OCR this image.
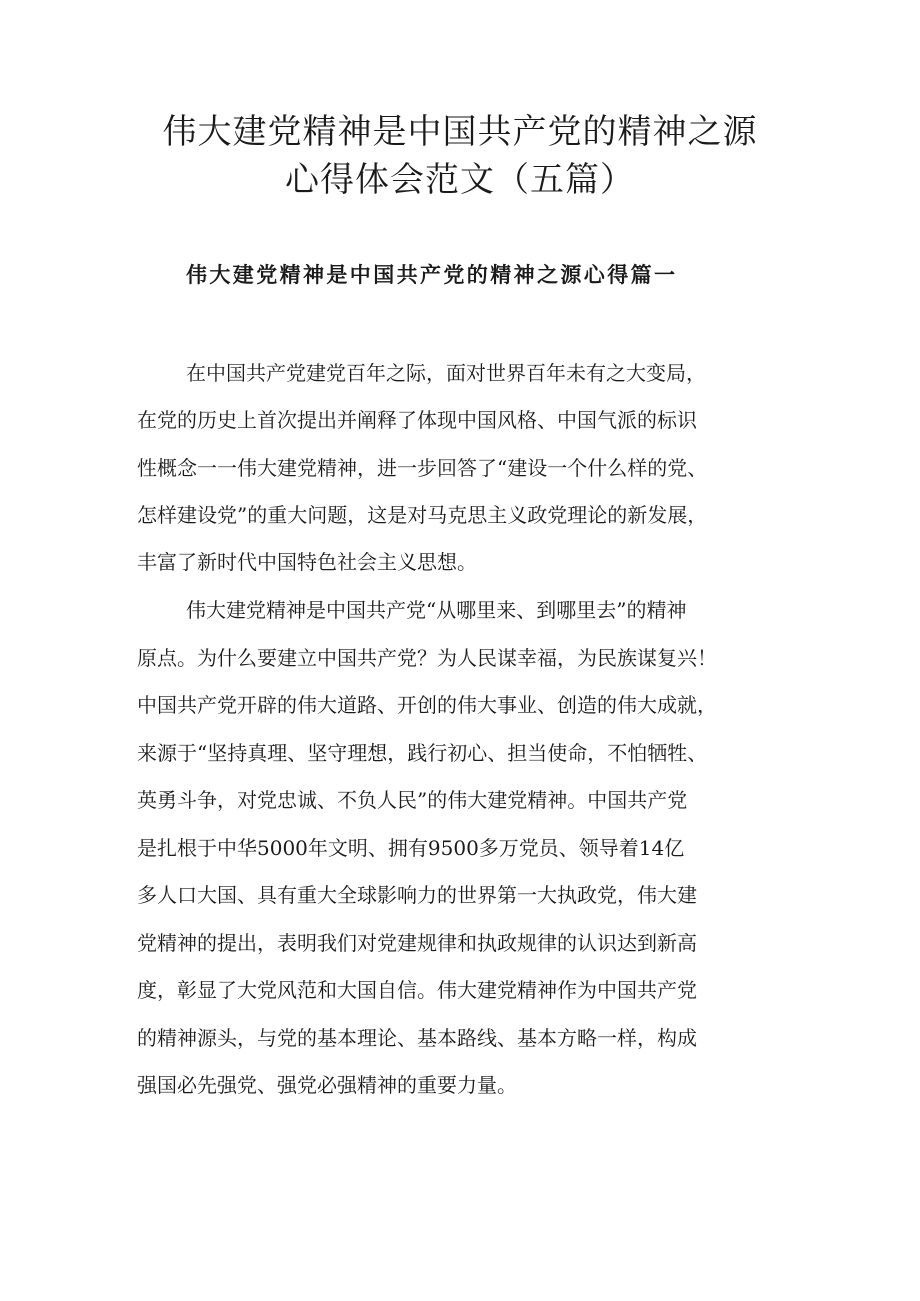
伟大建党精神是中国共产党的精神之源
心得体会范文（五篇）
伟大建党精神是中国共产党的精神之源心得篇一

在中国共产党建党百年之际，面对世界百年未有之大变局，

在党的历史上首次提出并阐释了体现中国风格、中国气派的标识

性概念一一伟大建党精神，进一步回答了“建设一个什么样的党、

怎样建设党”的重大问题，这是对马克思主义政党理论的新发展，

丰富了新时代中国特色社会主义思想。

伟大建党精神是中国共产党“从哪里来、到哪里去”的精神

原点。为什么要建立中国共产党？为人民谋幸福，为民族谋复兴！

中国共产党开辟的伟大道路、开创的伟大事业、创造的伟大成就，

来源于“坚持真理、坚守理想，践行初心、担当使命，不怕牺牲、

英勇斗争，对党忠诚、不负人民”的伟大建党精神。中国共产党

是扎根于中华5000年文明、拥有9500多万党员、领导着14亿

多人口大国、具有重大全球影响力的世界第一大执政党，伟大建

党精神的提出，表明我们对党建规律和执政规律的认识达到新高

度，彰显了大党风范和大国自信。伟大建党精神作为中国共产党

的精神源头，与党的基本理论、基本路线、基本方略一样，构成

强国必先强党、强党必强精神的重要力量。
